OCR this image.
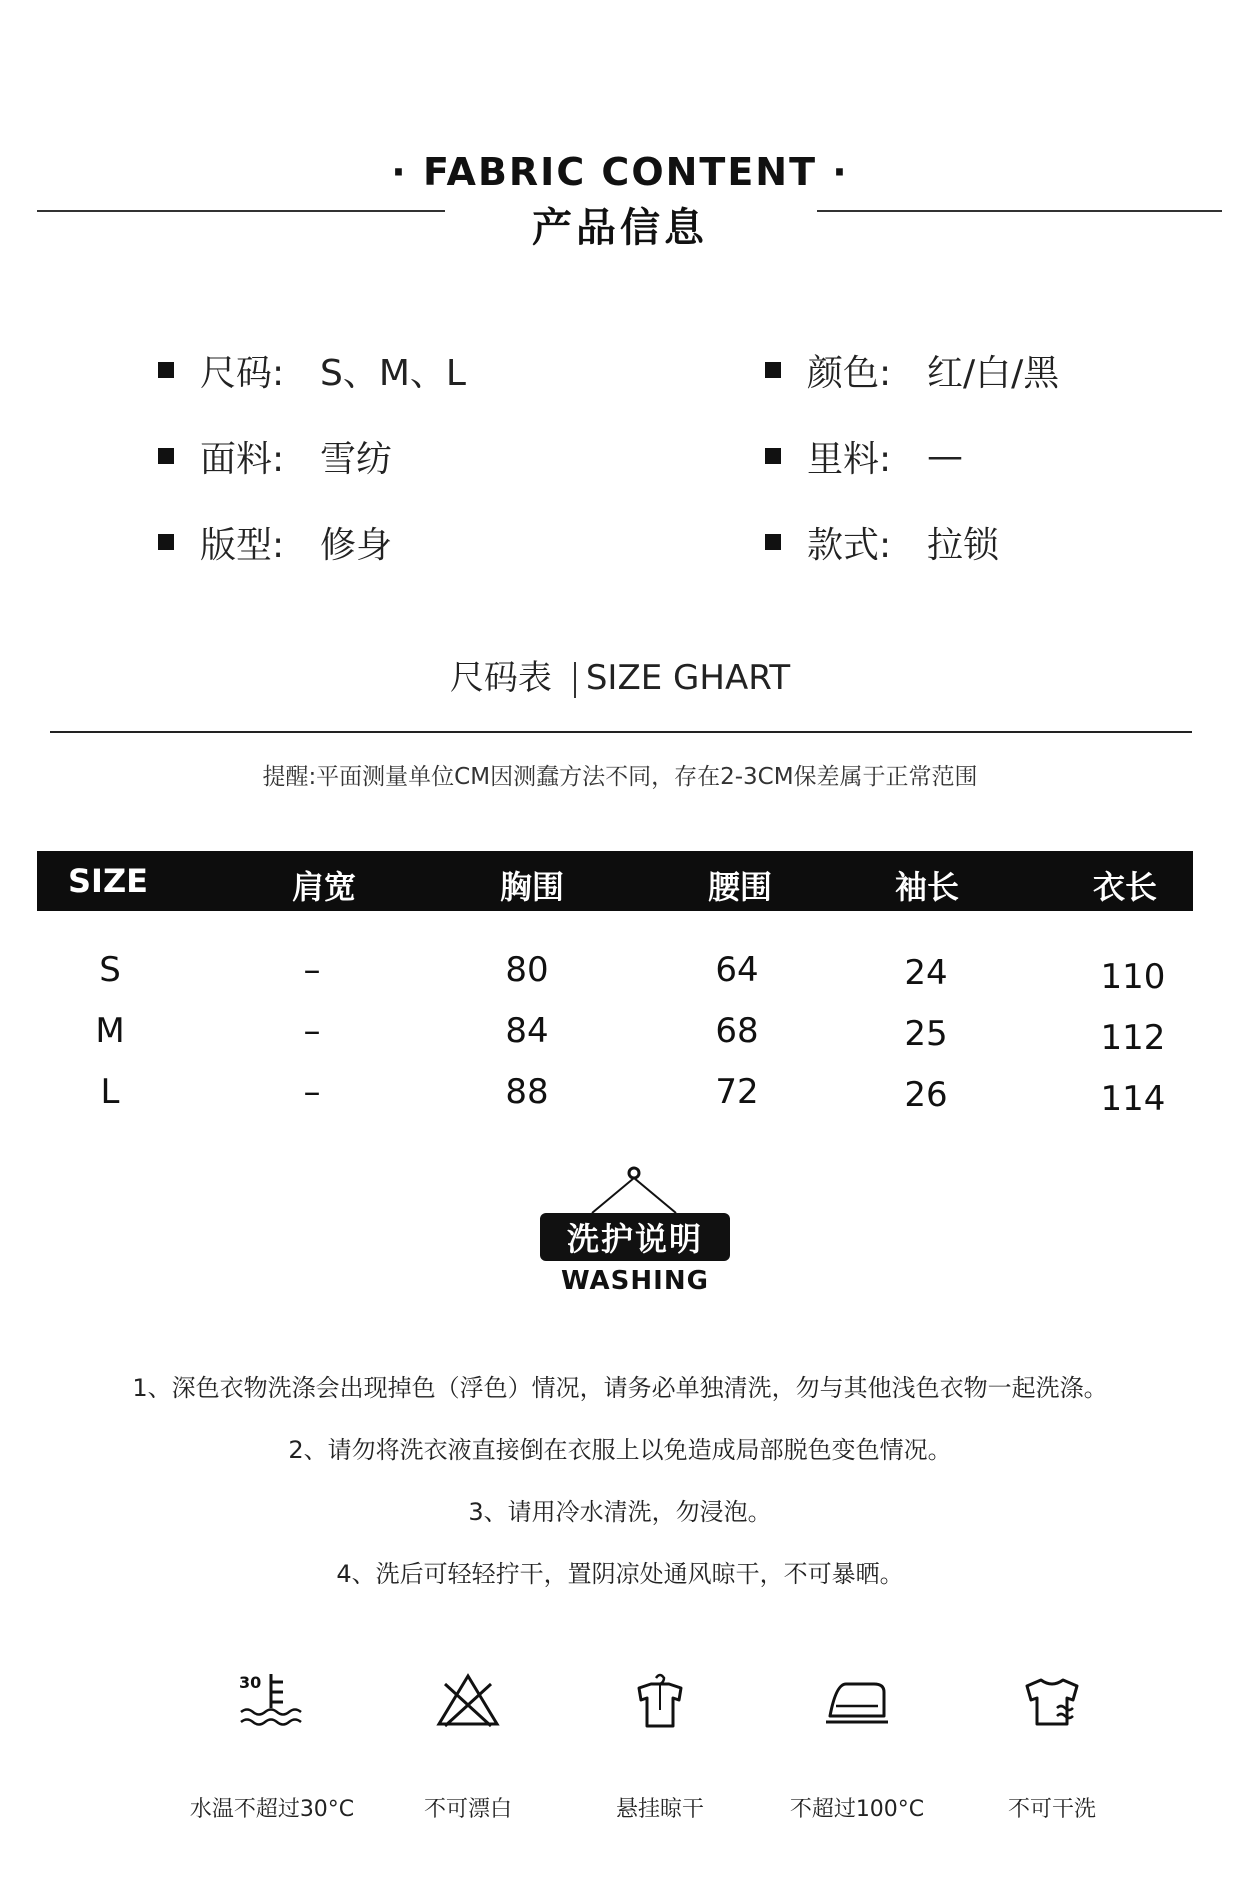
· FABRIC CONTENT ·
产品信息
尺码: S、M、L	颜色: 红/白/黑
面料: 雪纺	里料: —
版型: 修身	款式: 拉锁
尺码表 SIZE GHART
提醒:平面测量单位CM因测蠢方法不同，存在2-3CM保差属于正常范围
SIZE	肩宽	胸围	腰围	袖长	衣长
S	–	80	64	24	110
M	–	84	68	25	112
L	–	88	72	26	114
洗护说明
WASHING
1、深色衣物洗涤会出现掉色（浮色）情况，请务必单独清洗，勿与其他浅色衣物一起洗涤。
2、请勿将洗衣液直接倒在衣服上以免造成局部脱色变色情况。
3、请用冷水清洗，勿浸泡。
4、洗后可轻轻拧干，置阴凉处通风晾干，不可暴晒。
30
水温不超过30°C	不可漂白	悬挂晾干	不超过100°C	不可干洗
